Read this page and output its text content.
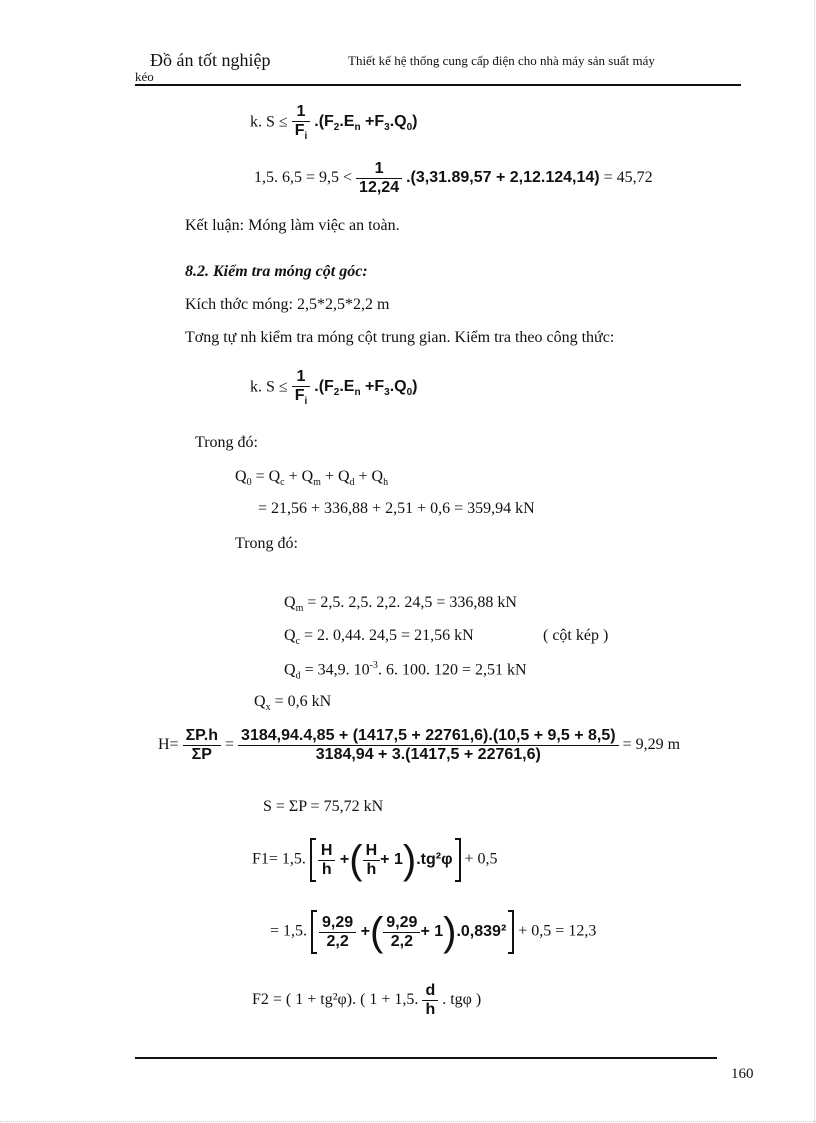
Đồ án tốt nghiệp	Thiết kế hệ thống cung cấp điện cho nhà máy sản suất máy
kéo
k. $S \le \frac{1}{F_i} .(F_2.E_n +F_3.Q_0)$
1,5. $6,5 = 9,5 < \frac{1}{12,24} .(3,31.89,57 + 2,12.124,14) = 45,72$
Kết luận: Móng làm việc an toàn.
8.2. Kiểm tra móng cột góc:
Kích thớc móng: 2,5*2,5*2,2 m
Tơng tự nh kiểm tra móng cột trung gian. Kiểm tra theo công thức:
k. $S \le \frac{1}{F_i} .(F_2.E_n +F_3.Q_0)$
Trong đó:
$Q_0 = Q_c + Q_m + Q_d + Q_h$
= 21,56 + 336,88 + 2,51 + 0,6 = 359,94 kN
Trong đó:
$Q_m = 2,5$. 2,5. 2,2. 24,5 = 336,88 kN
$Q_c = 2$. 0,44. 24,5 = 21,56 kN	( cột kép )
$Q_d = 34,9$. $10^{-3}$. 6. 100. 120 = 2,51 kN
$Q_x = 0,6$ kN
$H= \frac{\Sigma P.h}{\Sigma P} = \frac{3184,94.4,85 + (1417,5 + 22761,6).(10,5 + 9,5 + 8,5)}{3184,94 + 3.(1417,5 + 22761,6)} = 9,29$ m
S = ΣP = 75,72 kN
F1= 1,5. $\frac{H}{h}$ +( $\frac{H}{h} + 1).tg^2\varphi + 0,5$
= 1,5. $\frac{9,29}{2,2}$ +( $\frac{9,29}{2,2} + 1).0,839^2 + 0,5 = 12,3$
F2 = ( 1 + tg²φ). ( 1 + 1,5. $\frac{d}{h}$ . tgφ )
160
